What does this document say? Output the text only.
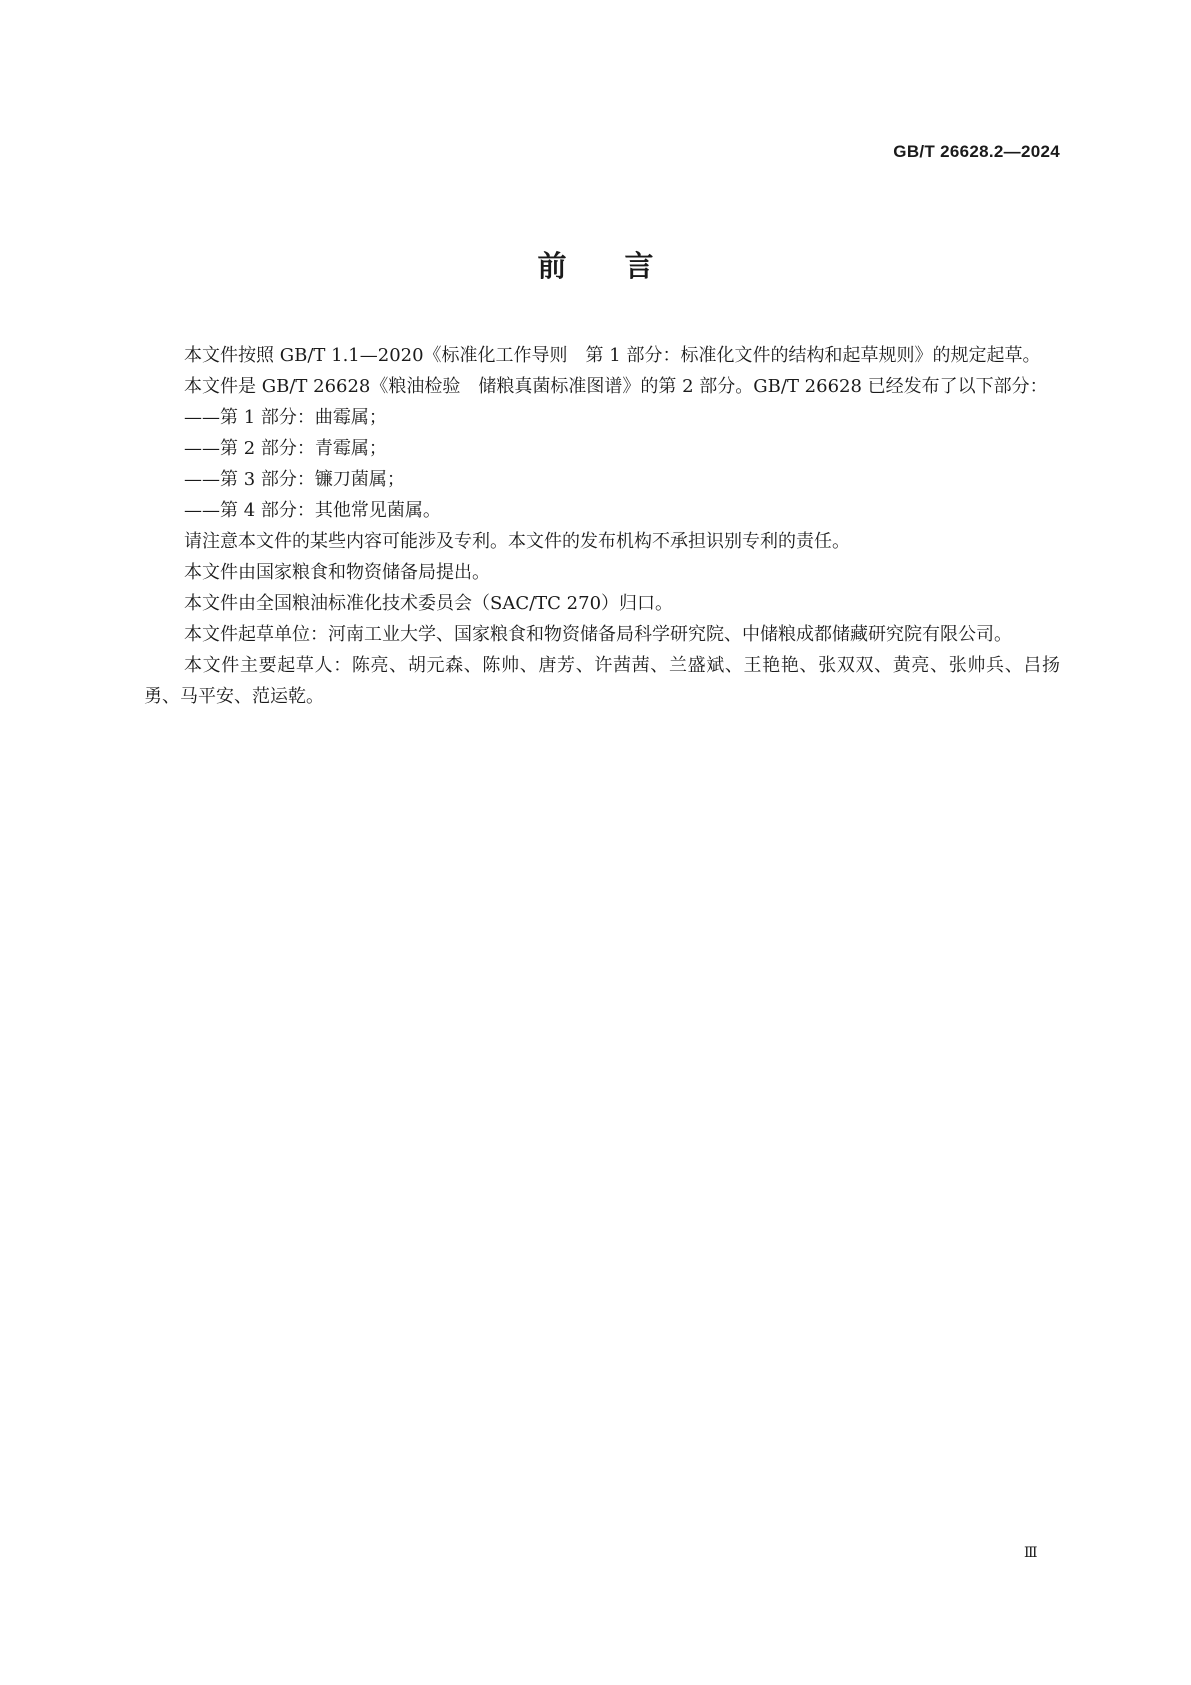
GB/T 26628.2—2024
前言

本文件按照 GB/T 1.1—2020《标准化工作导则　第 1 部分：标准化文件的结构和起草规则》的规定起草。

本文件是 GB/T 26628《粮油检验　储粮真菌标准图谱》的第 2 部分。GB/T 26628 已经发布了以下部分：

——第 1 部分：曲霉属；
——第 2 部分：青霉属；
——第 3 部分：镰刀菌属；
——第 4 部分：其他常见菌属。

请注意本文件的某些内容可能涉及专利。本文件的发布机构不承担识别专利的责任。

本文件由国家粮食和物资储备局提出。

本文件由全国粮油标准化技术委员会（SAC/TC 270）归口。

本文件起草单位：河南工业大学、国家粮食和物资储备局科学研究院、中储粮成都储藏研究院有限公司。

本文件主要起草人：陈亮、胡元森、陈帅、唐芳、许茜茜、兰盛斌、王艳艳、张双双、黄亮、张帅兵、吕扬勇、马平安、范运乾。

Ⅲ
